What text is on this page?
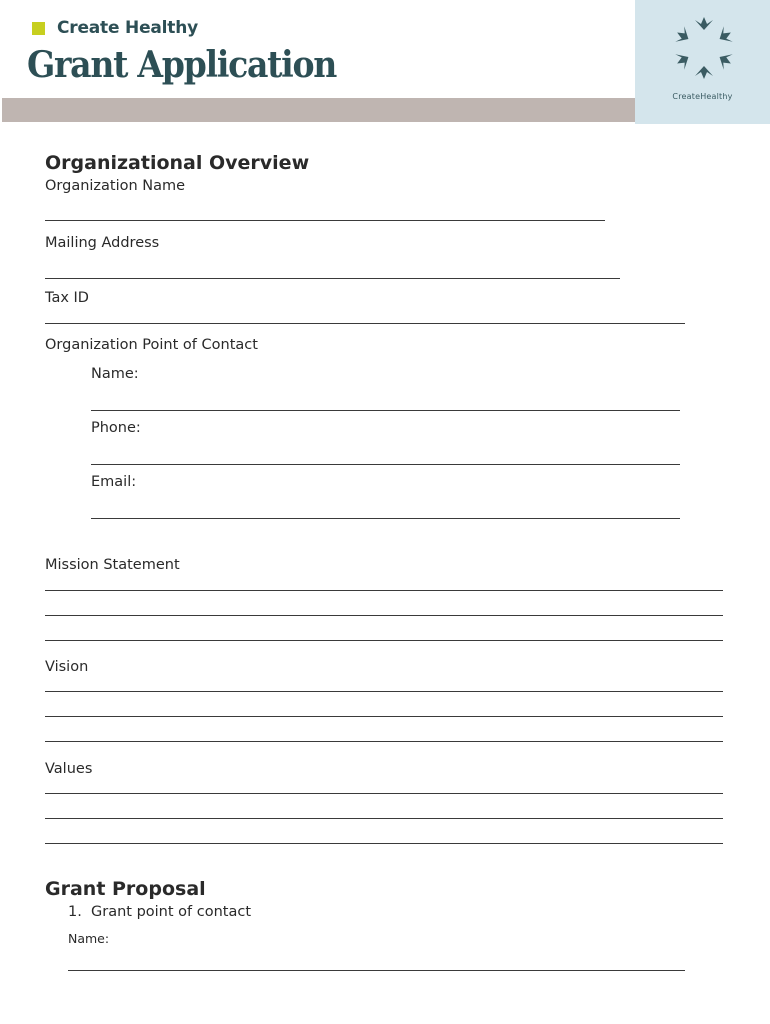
Create Healthy
Grant Application
CreateHealthy
Organizational Overview
Organization Name
Mailing Address
Tax ID
Organization Point of Contact
Name:
Phone:
Email:
Mission Statement
Vision
Values
Grant Proposal
1. Grant point of contact
Name:
